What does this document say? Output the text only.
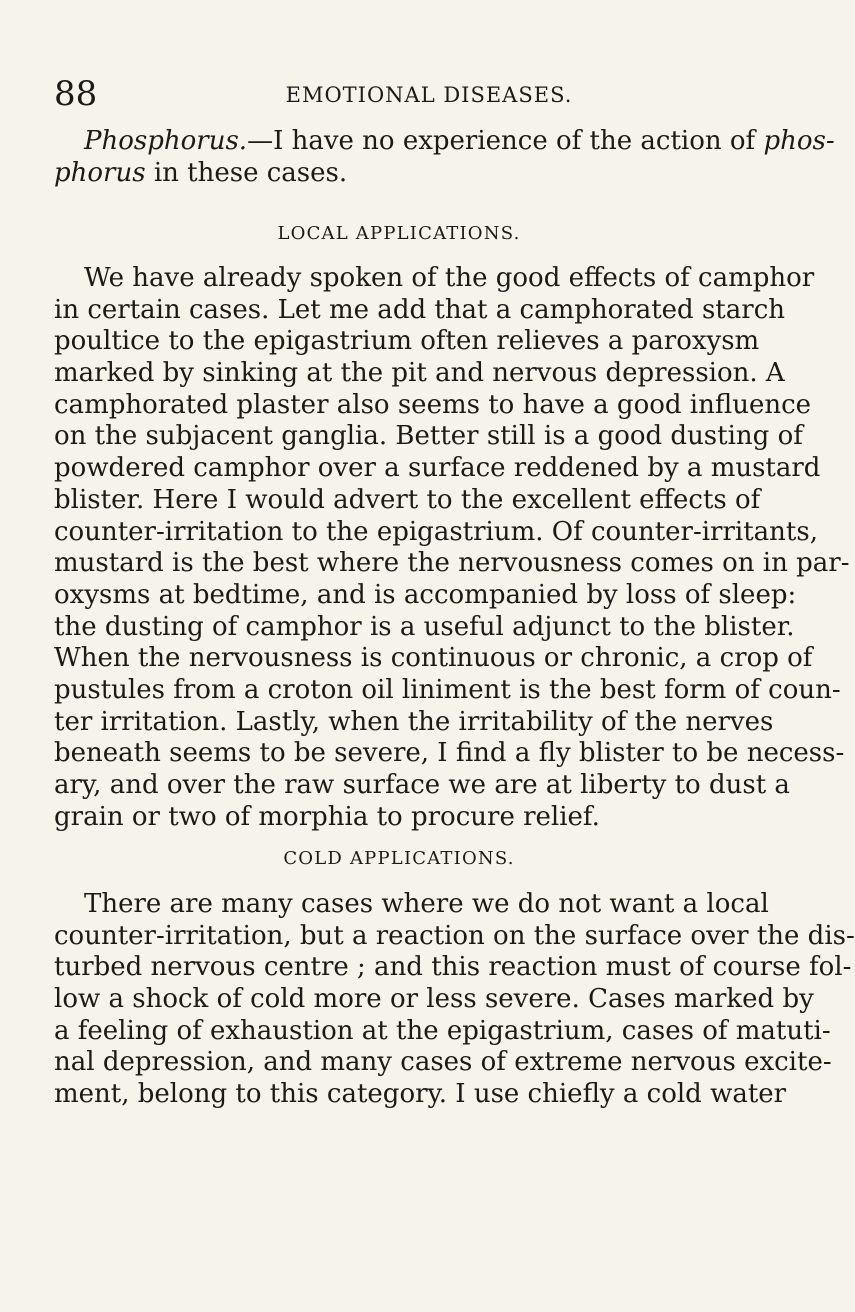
88	EMOTIONAL DISEASES.
Phosphorus.—I have no experience of the action of phos-
phorus in these cases.
LOCAL APPLICATIONS.
We have already spoken of the good effects of camphor
in certain cases. Let me add that a camphorated starch
poultice to the epigastrium often relieves a paroxysm
marked by sinking at the pit and nervous depression. A
camphorated plaster also seems to have a good influence
on the subjacent ganglia. Better still is a good dusting of
powdered camphor over a surface reddened by a mustard
blister. Here I would advert to the excellent effects of
counter-irritation to the epigastrium. Of counter-irritants,
mustard is the best where the nervousness comes on in par-
oxysms at bedtime, and is accompanied by loss of sleep:
the dusting of camphor is a useful adjunct to the blister.
When the nervousness is continuous or chronic, a crop of
pustules from a croton oil liniment is the best form of coun-
ter irritation. Lastly, when the irritability of the nerves
beneath seems to be severe, I find a fly blister to be necess-
ary, and over the raw surface we are at liberty to dust a
grain or two of morphia to procure relief.
COLD APPLICATIONS.
There are many cases where we do not want a local
counter-irritation, but a reaction on the surface over the dis-
turbed nervous centre ; and this reaction must of course fol-
low a shock of cold more or less severe. Cases marked by
a feeling of exhaustion at the epigastrium, cases of matuti-
nal depression, and many cases of extreme nervous excite-
ment, belong to this category. I use chiefly a cold water
